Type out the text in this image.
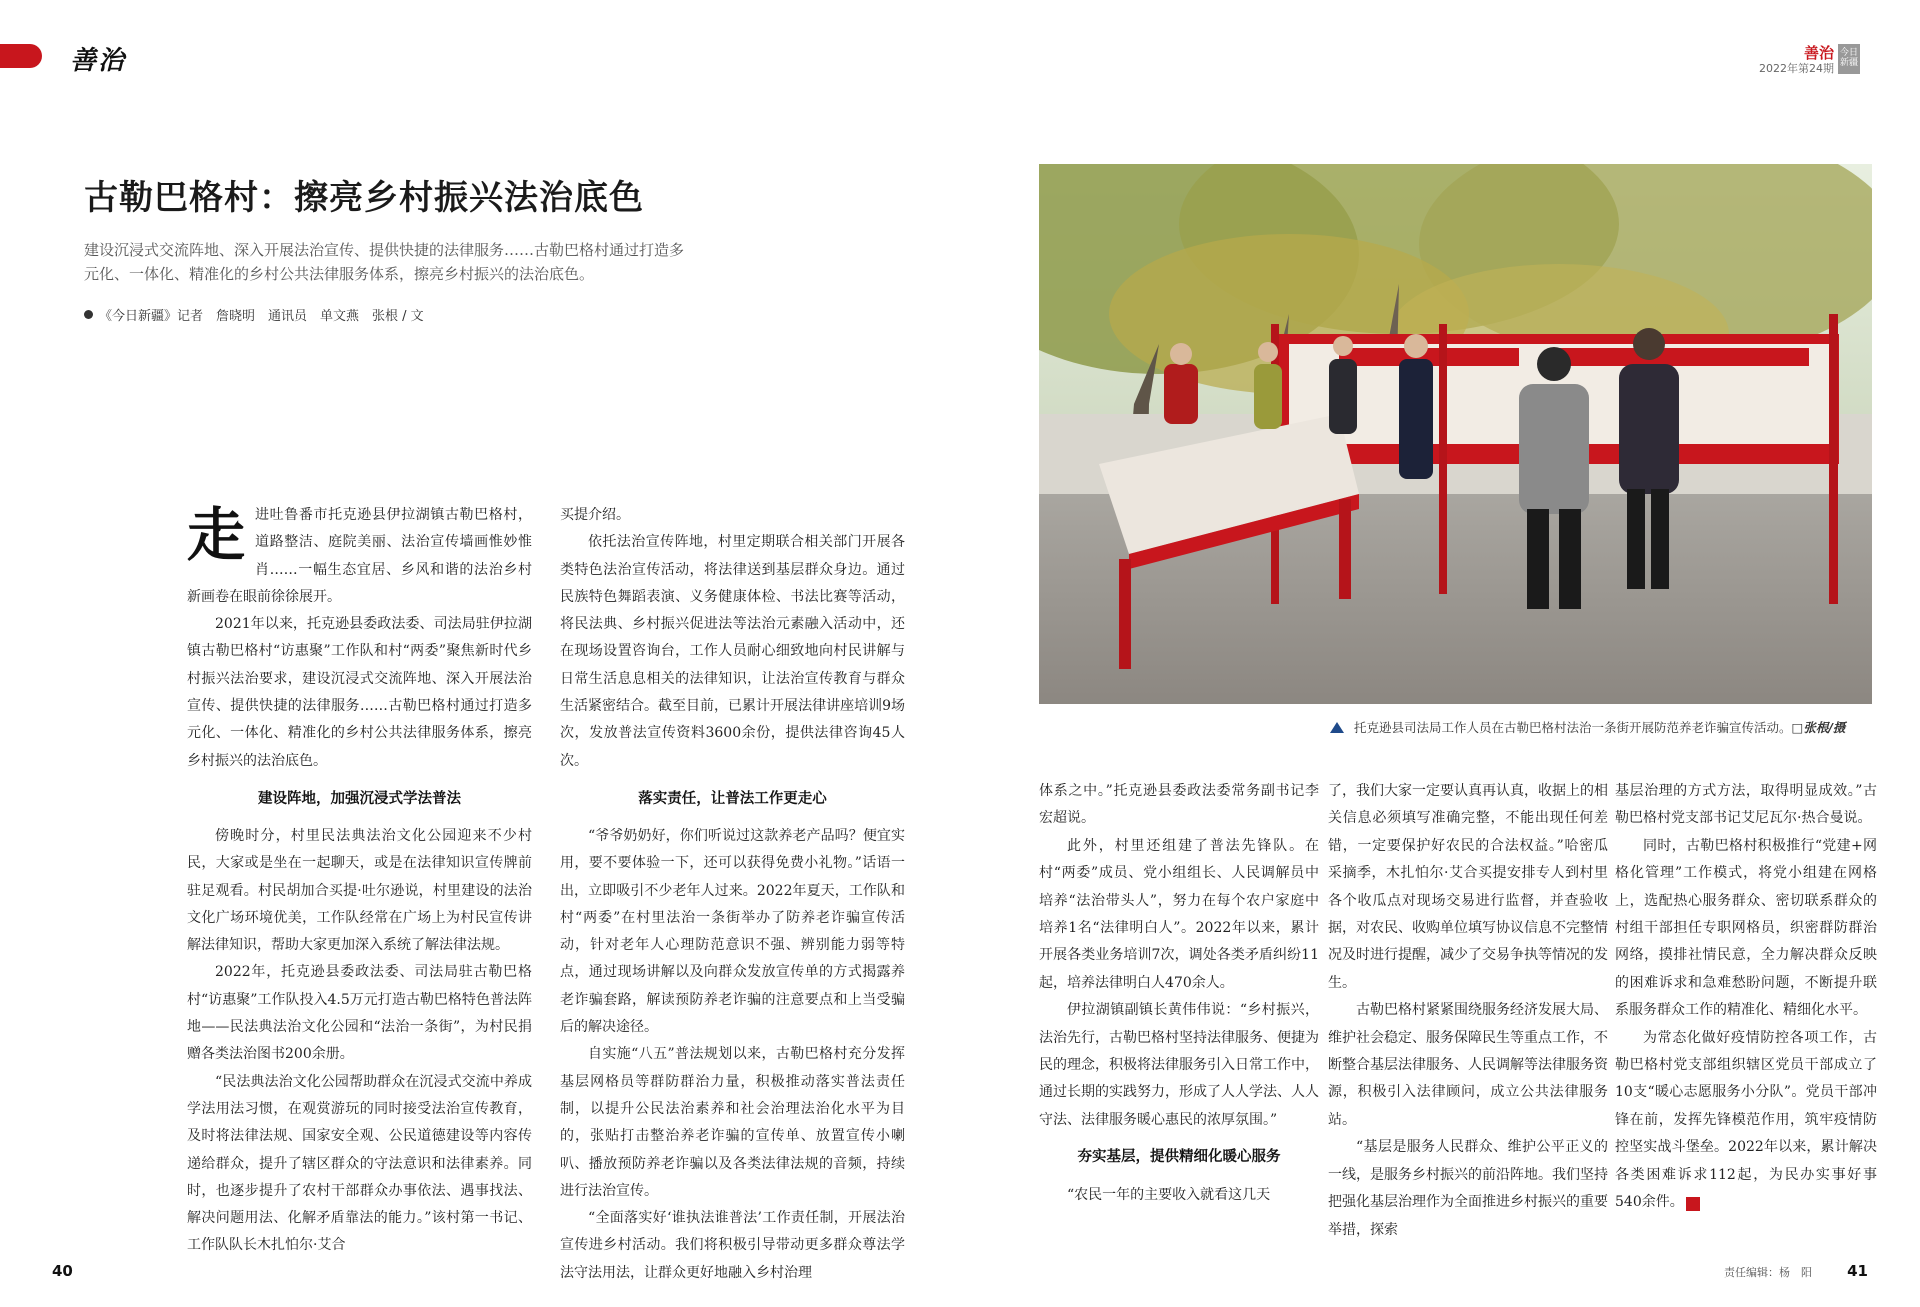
善治	善治
2022年第24期
今日新疆
古勒巴格村：擦亮乡村振兴法治底色
建设沉浸式交流阵地、深入开展法治宣传、提供快捷的法律服务……古勒巴格村通过打造多元化、一体化、精准化的乡村公共法律服务体系，擦亮乡村振兴的法治底色。
《今日新疆》记者　詹晓明　通讯员　单文燕　张根 / 文

走进吐鲁番市托克逊县伊拉湖镇古勒巴格村，道路整洁、庭院美丽、法治宣传墙画惟妙惟肖……一幅生态宜居、乡风和谐的法治乡村新画卷在眼前徐徐展开。

2021年以来，托克逊县委政法委、司法局驻伊拉湖镇古勒巴格村“访惠聚”工作队和村“两委”聚焦新时代乡村振兴法治要求，建设沉浸式交流阵地、深入开展法治宣传、提供快捷的法律服务……古勒巴格村通过打造多元化、一体化、精准化的乡村公共法律服务体系，擦亮乡村振兴的法治底色。

建设阵地，加强沉浸式学法普法

傍晚时分，村里民法典法治文化公园迎来不少村民，大家或是坐在一起聊天，或是在法律知识宣传牌前驻足观看。村民胡加合买提·吐尔逊说，村里建设的法治文化广场环境优美，工作队经常在广场上为村民宣传讲解法律知识，帮助大家更加深入系统了解法律法规。

2022年，托克逊县委政法委、司法局驻古勒巴格村“访惠聚”工作队投入4.5万元打造古勒巴格特色普法阵地——民法典法治文化公园和“法治一条街”，为村民捐赠各类法治图书200余册。

“民法典法治文化公园帮助群众在沉浸式交流中养成学法用法习惯，在观赏游玩的同时接受法治宣传教育，及时将法律法规、国家安全观、公民道德建设等内容传递给群众，提升了辖区群众的守法意识和法律素养。同时，也逐步提升了农村干部群众办事依法、遇事找法、解决问题用法、化解矛盾靠法的能力。”该村第一书记、工作队队长木扎怕尔·艾合

买提介绍。

依托法治宣传阵地，村里定期联合相关部门开展各类特色法治宣传活动，将法律送到基层群众身边。通过民族特色舞蹈表演、义务健康体检、书法比赛等活动，将民法典、乡村振兴促进法等法治元素融入活动中，还在现场设置咨询台，工作人员耐心细致地向村民讲解与日常生活息息相关的法律知识，让法治宣传教育与群众生活紧密结合。截至目前，已累计开展法律讲座培训9场次，发放普法宣传资料3600余份，提供法律咨询45人次。

落实责任，让普法工作更走心

“爷爷奶奶好，你们听说过这款养老产品吗？便宜实用，要不要体验一下，还可以获得免费小礼物。”话语一出，立即吸引不少老年人过来。2022年夏天，工作队和村“两委”在村里法治一条街举办了防养老诈骗宣传活动，针对老年人心理防范意识不强、辨别能力弱等特点，通过现场讲解以及向群众发放宣传单的方式揭露养老诈骗套路，解读预防养老诈骗的注意要点和上当受骗后的解决途径。

自实施“八五”普法规划以来，古勒巴格村充分发挥基层网格员等群防群治力量，积极推动落实普法责任制，以提升公民法治素养和社会治理法治化水平为目的，张贴打击整治养老诈骗的宣传单、放置宣传小喇叭、播放预防养老诈骗以及各类法律法规的音频，持续进行法治宣传。

“全面落实好‘谁执法谁普法’工作责任制，开展法治宣传进乡村活动。我们将积极引导带动更多群众尊法学法守法用法，让群众更好地融入乡村治理

托克逊县司法局工作人员在古勒巴格村法治一条街开展防范养老诈骗宣传活动。□张根/摄

体系之中。”托克逊县委政法委常务副书记李宏超说。

此外，村里还组建了普法先锋队。在村“两委”成员、党小组组长、人民调解员中培养“法治带头人”，努力在每个农户家庭中培养1名“法律明白人”。2022年以来，累计开展各类业务培训7次，调处各类矛盾纠纷11起，培养法律明白人470余人。

伊拉湖镇副镇长黄伟伟说：“乡村振兴，法治先行，古勒巴格村坚持法律服务、便捷为民的理念，积极将法律服务引入日常工作中，通过长期的实践努力，形成了人人学法、人人守法、法律服务暖心惠民的浓厚氛围。”

夯实基层，提供精细化暖心服务

“农民一年的主要收入就看这几天

了，我们大家一定要认真再认真，收据上的相关信息必须填写准确完整，不能出现任何差错，一定要保护好农民的合法权益。”哈密瓜采摘季，木扎怕尔·艾合买提安排专人到村里各个收瓜点对现场交易进行监督，并查验收据，对农民、收购单位填写协议信息不完整情况及时进行提醒，减少了交易争执等情况的发生。

古勒巴格村紧紧围绕服务经济发展大局、维护社会稳定、服务保障民生等重点工作，不断整合基层法律服务、人民调解等法律服务资源，积极引入法律顾问，成立公共法律服务站。

“基层是服务人民群众、维护公平正义的一线，是服务乡村振兴的前沿阵地。我们坚持把强化基层治理作为全面推进乡村振兴的重要举措，探索

基层治理的方式方法，取得明显成效。”古勒巴格村党支部书记艾尼瓦尔·热合曼说。

同时，古勒巴格村积极推行“党建+网格化管理”工作模式，将党小组建在网格上，选配热心服务群众、密切联系群众的村组干部担任专职网格员，织密群防群治网络，摸排社情民意，全力解决群众反映的困难诉求和急难愁盼问题，不断提升联系服务群众工作的精准化、精细化水平。

为常态化做好疫情防控各项工作，古勒巴格村党支部组织辖区党员干部成立了10支“暖心志愿服务小分队”。党员干部冲锋在前，发挥先锋模范作用，筑牢疫情防控坚实战斗堡垒。2022年以来，累计解决各类困难诉求112起，为民办实事好事540余件。	J

40	责任编辑：杨　阳 41
